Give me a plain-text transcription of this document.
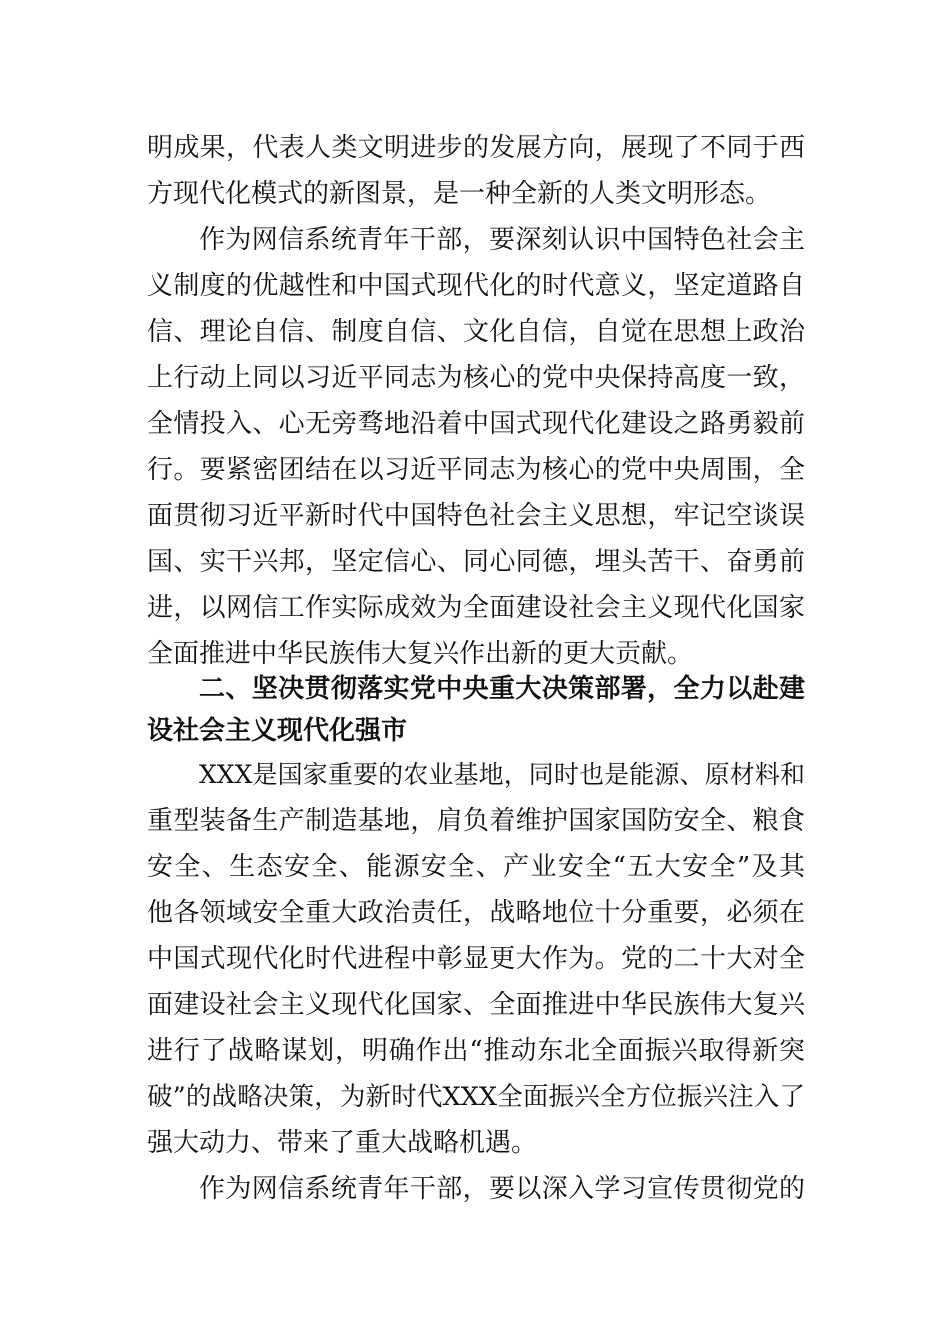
明成果，代表人类文明进步的发展方向，展现了不同于西
方现代化模式的新图景，是一种全新的人类文明形态。
作为网信系统青年干部，要深刻认识中国特色社会主
义制度的优越性和中国式现代化的时代意义，坚定道路自
信、理论自信、制度自信、文化自信，自觉在思想上政治
上行动上同以习近平同志为核心的党中央保持高度一致，
全情投入、心无旁骛地沿着中国式现代化建设之路勇毅前
行。要紧密团结在以习近平同志为核心的党中央周围，全
面贯彻习近平新时代中国特色社会主义思想，牢记空谈误
国、实干兴邦，坚定信心、同心同德，埋头苦干、奋勇前
进，以网信工作实际成效为全面建设社会主义现代化国家
全面推进中华民族伟大复兴作出新的更大贡献。
二、坚决贯彻落实党中央重大决策部署，全力以赴建
设社会主义现代化强市
XXX是国家重要的农业基地，同时也是能源、原材料和
重型装备生产制造基地，肩负着维护国家国防安全、粮食
安全、生态安全、能源安全、产业安全“五大安全”及其
他各领域安全重大政治责任，战略地位十分重要，必须在
中国式现代化时代进程中彰显更大作为。党的二十大对全
面建设社会主义现代化国家、全面推进中华民族伟大复兴
进行了战略谋划，明确作出“推动东北全面振兴取得新突
破”的战略决策，为新时代XXX全面振兴全方位振兴注入了
强大动力、带来了重大战略机遇。
作为网信系统青年干部，要以深入学习宣传贯彻党的
